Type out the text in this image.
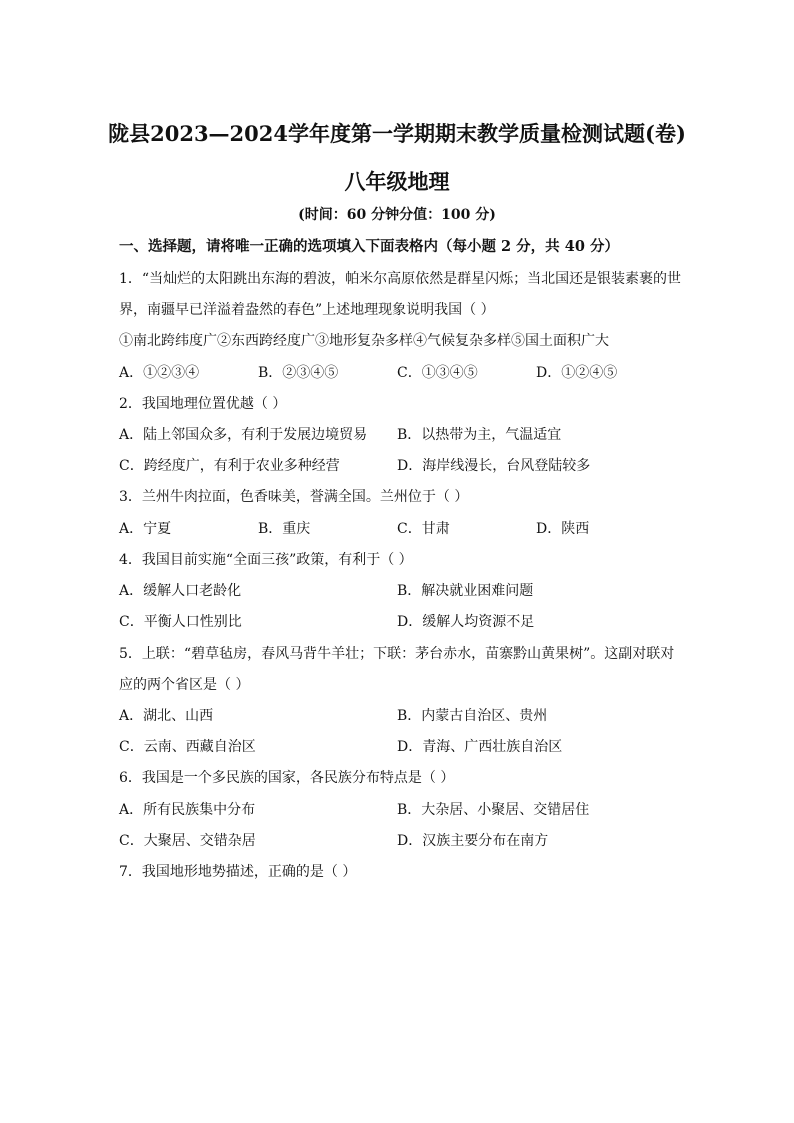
陇县2023—2024学年度第一学期期末教学质量检测试题(卷)
八年级地理
(时间：60 分钟分值：100 分)
一、选择题，请将唯一正确的选项填入下面表格内（每小题 2 分，共 40 分）
1．“当灿烂的太阳跳出东海的碧波，帕米尔高原依然是群星闪烁；当北国还是银装素裹的世
界，南疆早已洋溢着盎然的春色”上述地理现象说明我国（ ）
①南北跨纬度广②东西跨经度广③地形复杂多样④气候复杂多样⑤国土面积广大
A．①②③④	B．②③④⑤	C．①③④⑤	D．①②④⑤
2．我国地理位置优越（ ）
A．陆上邻国众多，有利于发展边境贸易 B．以热带为主，气温适宜
C．跨经度广，有利于农业多种经营	D．海岸线漫长，台风登陆较多
3．兰州牛肉拉面，色香味美，誉满全国。兰州位于（ ）
A．宁夏	B．重庆	C．甘肃	D．陕西
4．我国目前实施“全面三孩”政策，有利于（ ）
A．缓解人口老龄化	B．解决就业困难问题
C．平衡人口性别比	D．缓解人均资源不足
5．上联：“碧草毡房，春风马背牛羊壮；下联：茅台赤水，苗寨黔山黄果树”。这副对联对
应的两个省区是（ ）
A．湖北、山西	B．内蒙古自治区、贵州
C．云南、西藏自治区	D．青海、广西壮族自治区
6．我国是一个多民族的国家，各民族分布特点是（ ）
A．所有民族集中分布	B．大杂居、小聚居、交错居住
C．大聚居、交错杂居	D．汉族主要分布在南方
7．我国地形地势描述，正确的是（ ）
